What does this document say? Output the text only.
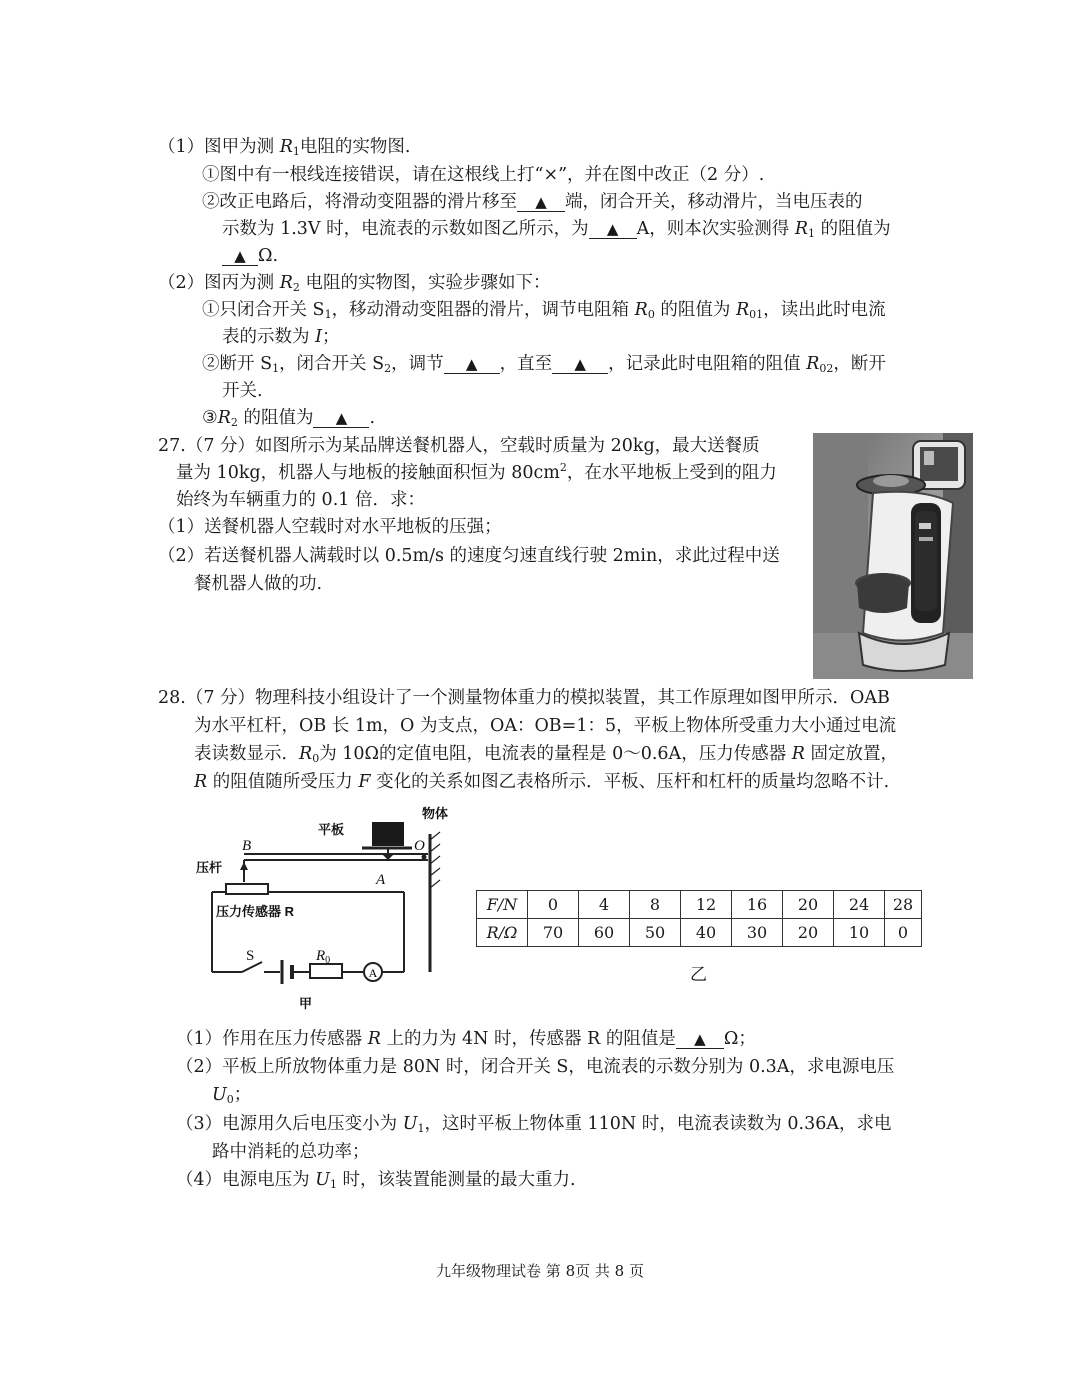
（1）图甲为测 $R_1$电阻的实物图.
①图中有一根线连接错误，请在这根线上打“×”，并在图中改正（2 分）.
②改正电路后，将滑动变阻器的滑片移至 ▲ 端，闭合开关，移动滑片，当电压表的
示数为 1.3V 时，电流表的示数如图乙所示，为 ▲ A，则本次实验测得 $R_1$ 的阻值为
▲ Ω.
（2）图丙为测 $R_2$ 电阻的实物图，实验步骤如下：
①只闭合开关 $S_1$，移动滑动变阻器的滑片，调节电阻箱 $R_0$ 的阻值为 $R_{01}$，读出此时电流
表的示数为 I；
②断开 $S_1$，闭合开关 $S_2$，调节 ▲ ，直至 ▲ ，记录此时电阻箱的阻值 $R_{02}$，断开
开关.
$③R_2$ 的阻值为 ▲ .
27.（7 分）如图所示为某品牌送餐机器人，空载时质量为 20kg，最大送餐质
量为 10kg，机器人与地板的接触面积恒为 $80cm^2$，在水平地板上受到的阻力
始终为车辆重力的 0.1 倍．求：
（1）送餐机器人空载时对水平地板的压强；
（2）若送餐机器人满载时以 0.5m/s 的速度匀速直线行驶 2min，求此过程中送
餐机器人做的功.
28.（7 分）物理科技小组设计了一个测量物体重力的模拟装置，其工作原理如图甲所示．OAB
为水平杠杆，OB 长 1m，O 为支点，OA：OB=1：5，平板上物体所受重力大小通过电流
表读数显示．$R_0$为 10Ω的定值电阻，电流表的量程是 0～0.6A，压力传感器 R 固定放置，
R 的阻值随所受压力 F 变化的关系如图乙表格所示．平板、压杆和杠杆的质量均忽略不计.
A
平板
物体
压杆
压力传感器 R
甲
B	O
A
$R_0$
S
F/N	0	4	8	12	16	20	24	28
R/Ω	70	60	50	40	30	20	10	0
乙
（1）作用在压力传感器 R 上的力为 4N 时，传感器 R 的阻值是 ▲ Ω；
（2）平板上所放物体重力是 80N 时，闭合开关 S，电流表的示数分别为 0.3A，求电源电压
$U_0$；
（3）电源用久后电压变小为 $U_1$，这时平板上物体重 110N 时，电流表读数为 0.36A，求电
路中消耗的总功率；
（4）电源电压为 $U_1$ 时，该装置能测量的最大重力.
九年级物理试卷 第 8页 共 8 页
